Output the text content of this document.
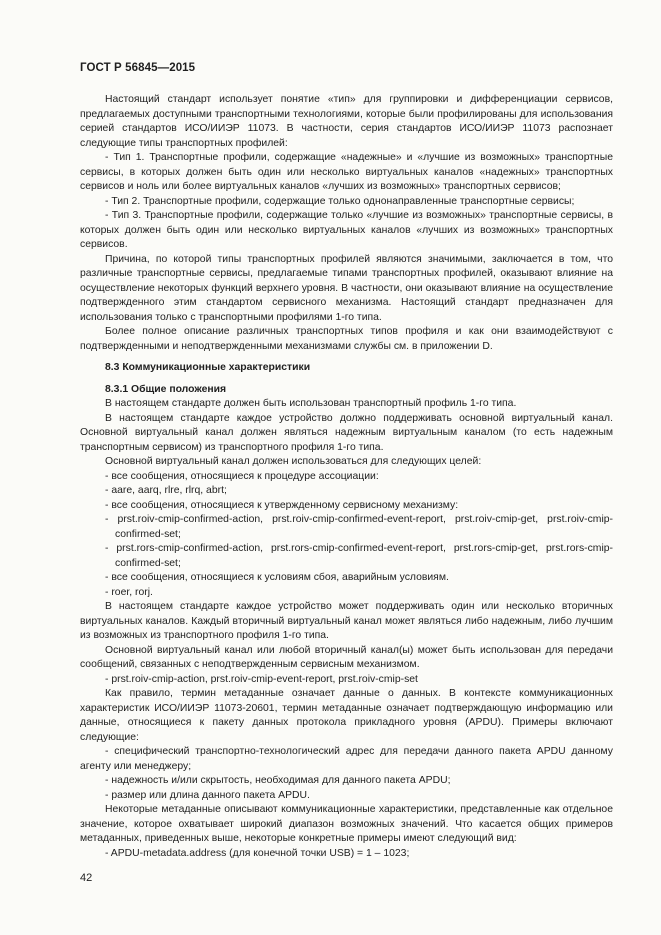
ГОСТ Р 56845—2015

Настоящий стандарт использует понятие «тип» для группировки и дифференциации сервисов, предлагаемых доступными транспортными технологиями, которые были профилированы для использования серией стандартов ИСО/ИИЭР 11073. В частности, серия стандартов ИСО/ИИЭР 11073 распознает следующие типы транспортных профилей:

- Тип 1. Транспортные профили, содержащие «надежные» и «лучшие из возможных» транспортные сервисы, в которых должен быть один или несколько виртуальных каналов «надежных» транспортных сервисов и ноль или более виртуальных каналов «лучших из возможных» транспортных сервисов;

- Тип 2. Транспортные профили, содержащие только однонаправленные транспортные сервисы;

- Тип 3. Транспортные профили, содержащие только «лучшие из возможных» транспортные сервисы, в которых должен быть один или несколько виртуальных каналов «лучших из возможных» транспортных сервисов.

Причина, по которой типы транспортных профилей являются значимыми, заключается в том, что различные транспортные сервисы, предлагаемые типами транспортных профилей, оказывают влияние на осуществление некоторых функций верхнего уровня. В частности, они оказывают влияние на осуществление подтвержденного этим стандартом сервисного механизма. Настоящий стандарт предназначен для использования только с транспортными профилями 1-го типа.

Более полное описание различных транспортных типов профиля и как они взаимодействуют с подтвержденными и неподтвержденными механизмами службы см. в приложении D.

8.3 Коммуникационные характеристики

8.3.1 Общие положения

В настоящем стандарте должен быть использован транспортный профиль 1-го типа.

В настоящем стандарте каждое устройство должно поддерживать основной виртуальный канал. Основной виртуальный канал должен являться надежным виртуальным каналом (то есть надежным транспортным сервисом) из транспортного профиля 1-го типа.

Основной виртуальный канал должен использоваться для следующих целей:

- все сообщения, относящиеся к процедуре ассоциации:

- aare, aarq, rlre, rlrq, abrt;

- все сообщения, относящиеся к утвержденному сервисному механизму:

- prst.roiv-cmip-confirmed-action, prst.roiv-cmip-confirmed-event-report, prst.roiv-cmip-get, prst.roiv-cmip-confirmed-set;

- prst.rors-cmip-confirmed-action, prst.rors-cmip-confirmed-event-report, prst.rors-cmip-get, prst.rors-cmip-confirmed-set;

- все сообщения, относящиеся к условиям сбоя, аварийным условиям.

- roer, rorj.

В настоящем стандарте каждое устройство может поддерживать один или несколько вторичных виртуальных каналов. Каждый вторичный виртуальный канал может являться либо надежным, либо лучшим из возможных из транспортного профиля 1-го типа.

Основной виртуальный канал или любой вторичный канал(ы) может быть использован для передачи сообщений, связанных с неподтвержденным сервисным механизмом.

- prst.roiv-cmip-action, prst.roiv-cmip-event-report, prst.roiv-cmip-set

Как правило, термин метаданные означает данные о данных. В контексте коммуникационных характеристик ИСО/ИИЭР 11073-20601, термин метаданные означает подтверждающую информацию или данные, относящиеся к пакету данных протокола прикладного уровня (APDU). Примеры включают следующие:

- специфический транспортно-технологический адрес для передачи данного пакета APDU данному агенту или менеджеру;

- надежность и/или скрытость, необходимая для данного пакета APDU;

- размер или длина данного пакета APDU.

Некоторые метаданные описывают коммуникационные характеристики, представленные как отдельное значение, которое охватывает широкий диапазон возможных значений. Что касается общих примеров метаданных, приведенных выше, некоторые конкретные примеры имеют следующий вид:

- APDU-metadata.address (для конечной точки USB) = 1 – 1023;

42
